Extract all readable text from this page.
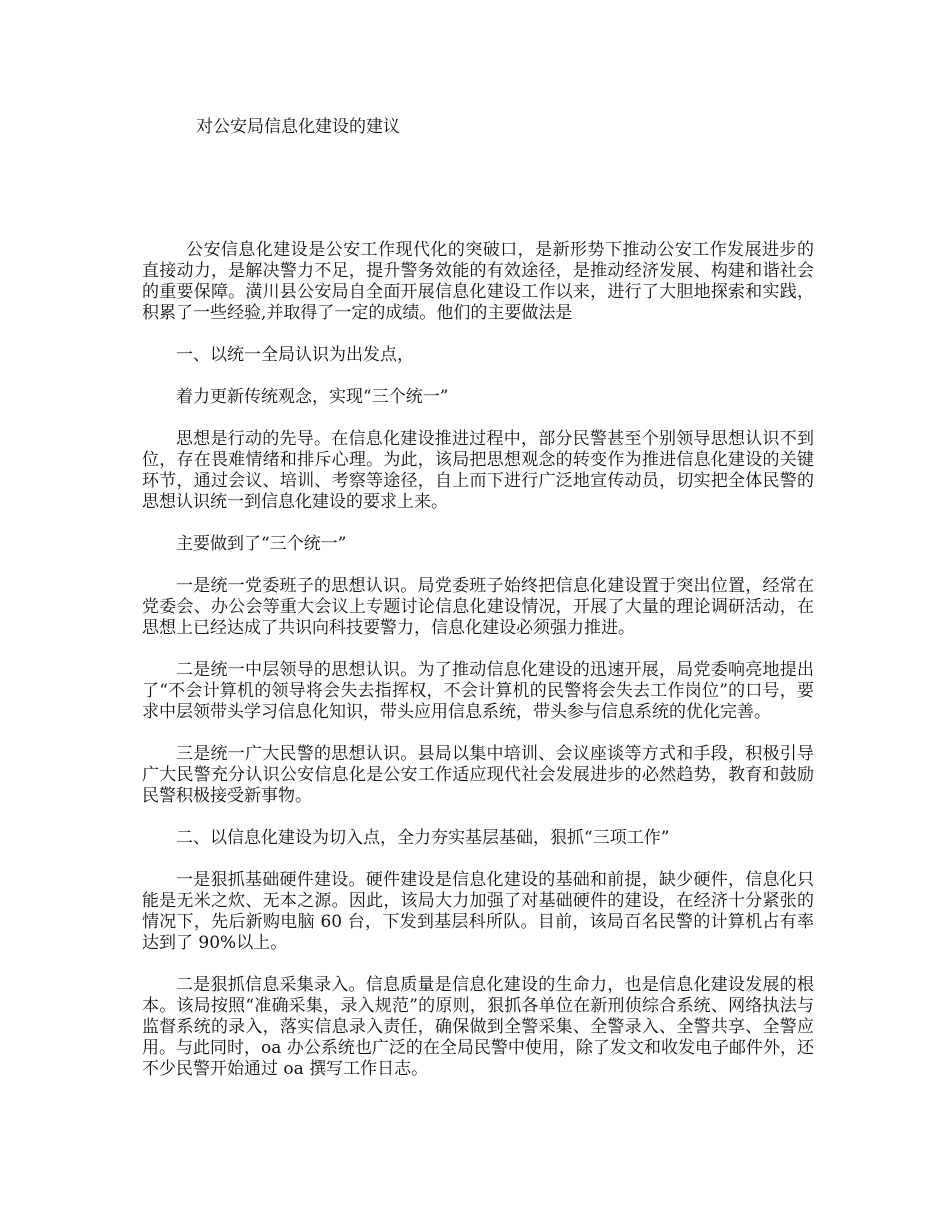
对公安局信息化建设的建议

公安信息化建设是公安工作现代化的突破口，是新形势下推动公安工作发展进步的直接动力，是解决警力不足，提升警务效能的有效途径，是推动经济发展、构建和谐社会的重要保障。潢川县公安局自全面开展信息化建设工作以来，进行了大胆地探索和实践，积累了一些经验,并取得了一定的成绩。他们的主要做法是

一、以统一全局认识为出发点，

着力更新传统观念，实现“三个统一”

思想是行动的先导。在信息化建设推进过程中，部分民警甚至个别领导思想认识不到位，存在畏难情绪和排斥心理。为此，该局把思想观念的转变作为推进信息化建设的关键环节，通过会议、培训、考察等途径，自上而下进行广泛地宣传动员，切实把全体民警的思想认识统一到信息化建设的要求上来。

主要做到了“三个统一”

一是统一党委班子的思想认识。局党委班子始终把信息化建设置于突出位置，经常在党委会、办公会等重大会议上专题讨论信息化建设情况，开展了大量的理论调研活动，在思想上已经达成了共识向科技要警力，信息化建设必须强力推进。

二是统一中层领导的思想认识。为了推动信息化建设的迅速开展，局党委响亮地提出了“不会计算机的领导将会失去指挥权，不会计算机的民警将会失去工作岗位”的口号，要求中层领带头学习信息化知识，带头应用信息系统，带头参与信息系统的优化完善。

三是统一广大民警的思想认识。县局以集中培训、会议座谈等方式和手段，积极引导广大民警充分认识公安信息化是公安工作适应现代社会发展进步的必然趋势，教育和鼓励民警积极接受新事物。

二、以信息化建设为切入点，全力夯实基层基础，狠抓“三项工作”

一是狠抓基础硬件建设。硬件建设是信息化建设的基础和前提，缺少硬件，信息化只能是无米之炊、无本之源。因此，该局大力加强了对基础硬件的建设，在经济十分紧张的情况下，先后新购电脑 60 台，下发到基层科所队。目前，该局百名民警的计算机占有率达到了 90%以上。

二是狠抓信息采集录入。信息质量是信息化建设的生命力，也是信息化建设发展的根本。该局按照“准确采集，录入规范”的原则，狠抓各单位在新刑侦综合系统、网络执法与监督系统的录入，落实信息录入责任，确保做到全警采集、全警录入、全警共享、全警应用。与此同时，oa 办公系统也广泛的在全局民警中使用，除了发文和收发电子邮件外，还不少民警开始通过 oa 撰写工作日志。
